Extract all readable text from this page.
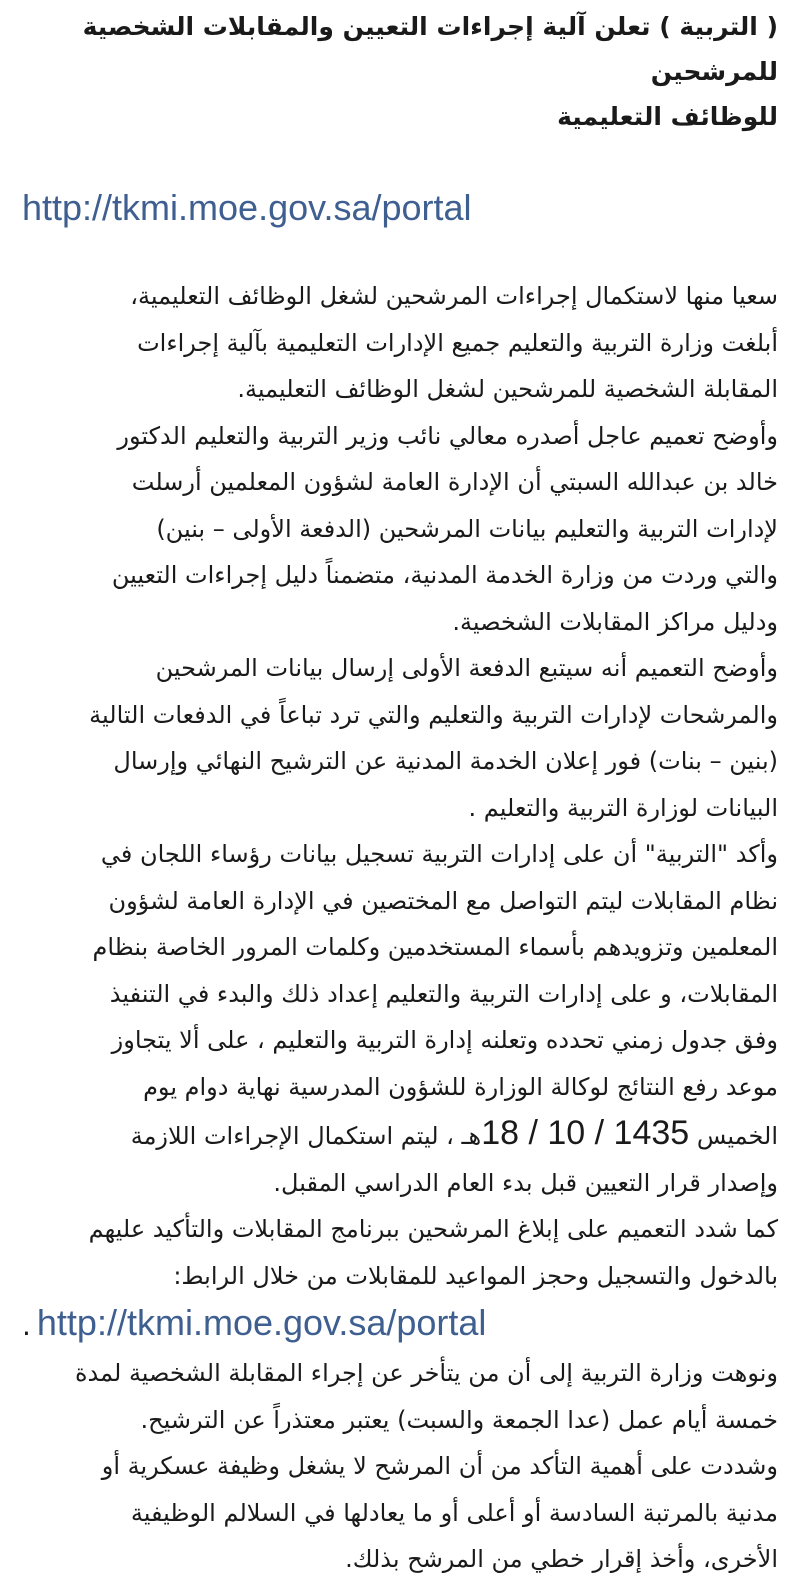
( التربية ) تعلن آلية إجراءات التعيين والمقابلات الشخصية للمرشحين
للوظائف التعليمية
http://tkmi.moe.gov.sa/portal
سعيا منها لاستكمال إجراءات المرشحين لشغل الوظائف التعليمية،
أبلغت وزارة التربية والتعليم جميع الإدارات التعليمية بآلية إجراءات
المقابلة الشخصية للمرشحين لشغل الوظائف التعليمية.
وأوضح تعميم عاجل أصدره معالي نائب وزير التربية والتعليم الدكتور
خالد بن عبدالله السبتي أن الإدارة العامة لشؤون المعلمين أرسلت
لإدارات التربية والتعليم بيانات المرشحين (الدفعة الأولى – بنين)
والتي وردت من وزارة الخدمة المدنية، متضمناً دليل إجراءات التعيين
ودليل مراكز المقابلات الشخصية.
وأوضح التعميم أنه سيتبع الدفعة الأولى إرسال بيانات المرشحين
والمرشحات لإدارات التربية والتعليم والتي ترد تباعاً في الدفعات التالية
(بنين – بنات) فور إعلان الخدمة المدنية عن الترشيح النهائي وإرسال
البيانات لوزارة التربية والتعليم .
وأكد "التربية" أن على إدارات التربية تسجيل بيانات رؤساء اللجان في
نظام المقابلات ليتم التواصل مع المختصين في الإدارة العامة لشؤون
المعلمين وتزويدهم بأسماء المستخدمين وكلمات المرور الخاصة بنظام
المقابلات، و على إدارات التربية والتعليم إعداد ذلك والبدء في التنفيذ
وفق جدول زمني تحدده وتعلنه إدارة التربية والتعليم ، على ألا يتجاوز
موعد رفع النتائج لوكالة الوزارة للشؤون المدرسية نهاية دوام يوم
الخميس 18 / 10 / 1435هـ ، ليتم استكمال الإجراءات اللازمة
وإصدار قرار التعيين قبل بدء العام الدراسي المقبل.
كما شدد التعميم على إبلاغ المرشحين ببرنامج المقابلات والتأكيد عليهم
بالدخول والتسجيل وحجز المواعيد للمقابلات من خلال الرابط:
. http://tkmi.moe.gov.sa/portal
ونوهت وزارة التربية إلى أن من يتأخر عن إجراء المقابلة الشخصية لمدة
خمسة أيام عمل (عدا الجمعة والسبت) يعتبر معتذراً عن الترشيح.
وشددت على أهمية التأكد من أن المرشح لا يشغل وظيفة عسكرية أو
مدنية بالمرتبة السادسة أو أعلى أو ما يعادلها في السلالم الوظيفية
الأخرى، وأخذ إقرار خطي من المرشح بذلك.
